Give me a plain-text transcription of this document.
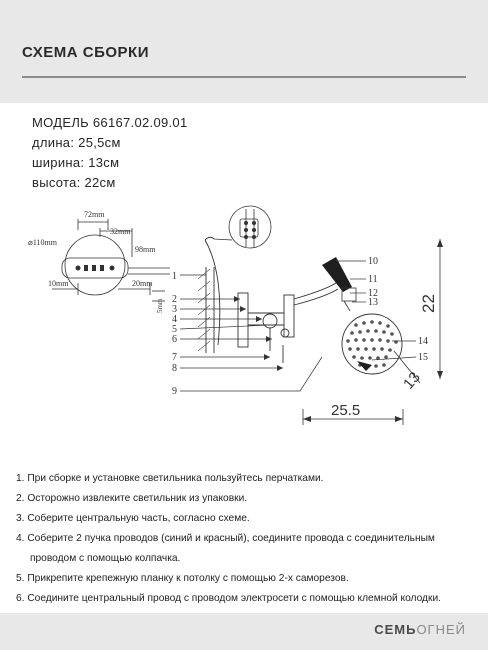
СХЕМА СБОРКИ
МОДЕЛЬ 66167.02.09.01
длина: 25,5см
ширина: 13см
высота: 22см
⌀110mm
72mm
32mm
98mm
10mm	20mm
5mm
1
2
3
4
5
6
7
8
9
10
11
12
13
14
15
22
25.5
13
1. При сборке и установке светильника пользуйтесь перчатками.
2. Осторожно извлеките светильник из упаковки.
3. Соберите центральную часть, согласно схеме.
4. Соберите 2 пучка проводов (синий и красный), соедините провода с соединительным
проводом с помощью колпачка.
5. Прикрепите крепежную планку к потолку с помощью 2-х саморезов.
6. Соедините центральный провод с проводом электросети с помощью клемной колодки.
СЕМЬОГНЕЙ
